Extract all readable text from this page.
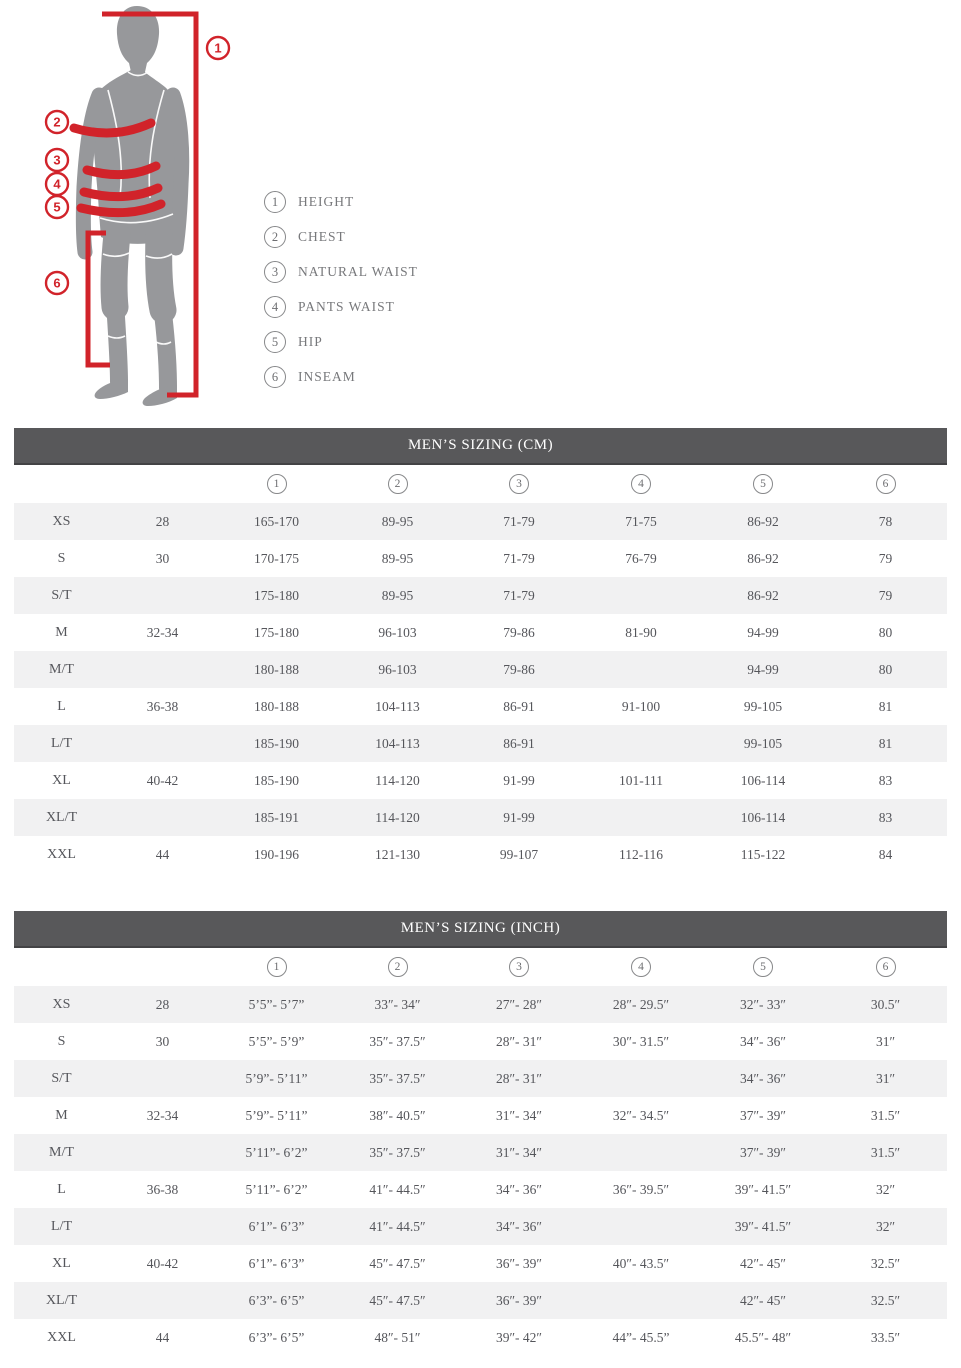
1
2
3
4
5
6
1	HEIGHT
2	CHEST
3	NATURAL WAIST
4	PANTS WAIST
5	HIP
6	INSEAM
MEN’S SIZING (CM)							
		1	2	3	4	5	6
XS	28	165-170	89-95	71-79	71-75	86-92	78
S	30	170-175	89-95	71-79	76-79	86-92	79
S/T		175-180	89-95	71-79		86-92	79
M	32-34	175-180	96-103	79-86	81-90	94-99	80
M/T		180-188	96-103	79-86		94-99	80
L	36-38	180-188	104-113	86-91	91-100	99-105	81
L/T		185-190	104-113	86-91		99-105	81
XL	40-42	185-190	114-120	91-99	101-111	106-114	83
XL/T		185-191	114-120	91-99		106-114	83
XXL	44	190-196	121-130	99-107	112-116	115-122	84
MEN’S SIZING (INCH)							
		1	2	3	4	5	6
XS	28	5’5”- 5’7”	33″- 34″	27″- 28″	28″- 29.5″	32″- 33″	30.5″
S	30	5’5”- 5’9”	35″- 37.5″	28″- 31″	30″- 31.5″	34″- 36″	31″
S/T		5’9”- 5’11”	35″- 37.5″	28″- 31″		34″- 36″	31″
M	32-34	5’9”- 5’11”	38″- 40.5″	31″- 34″	32″- 34.5″	37″- 39″	31.5″
M/T		5’11”- 6’2”	35″- 37.5″	31″- 34″		37″- 39″	31.5″
L	36-38	5’11”- 6’2”	41″- 44.5″	34″- 36″	36″- 39.5″	39″- 41.5″	32″
L/T		6’1”- 6’3”	41″- 44.5″	34″- 36″		39″- 41.5″	32″
XL	40-42	6’1”- 6’3”	45″- 47.5″	36″- 39″	40″- 43.5″	42″- 45″	32.5″
XL/T		6’3”- 6’5”	45″- 47.5″	36″- 39″		42″- 45″	32.5″
XXL	44	6’3”- 6’5”	48″- 51″	39″- 42″	44”- 45.5”	45.5″- 48″	33.5″
